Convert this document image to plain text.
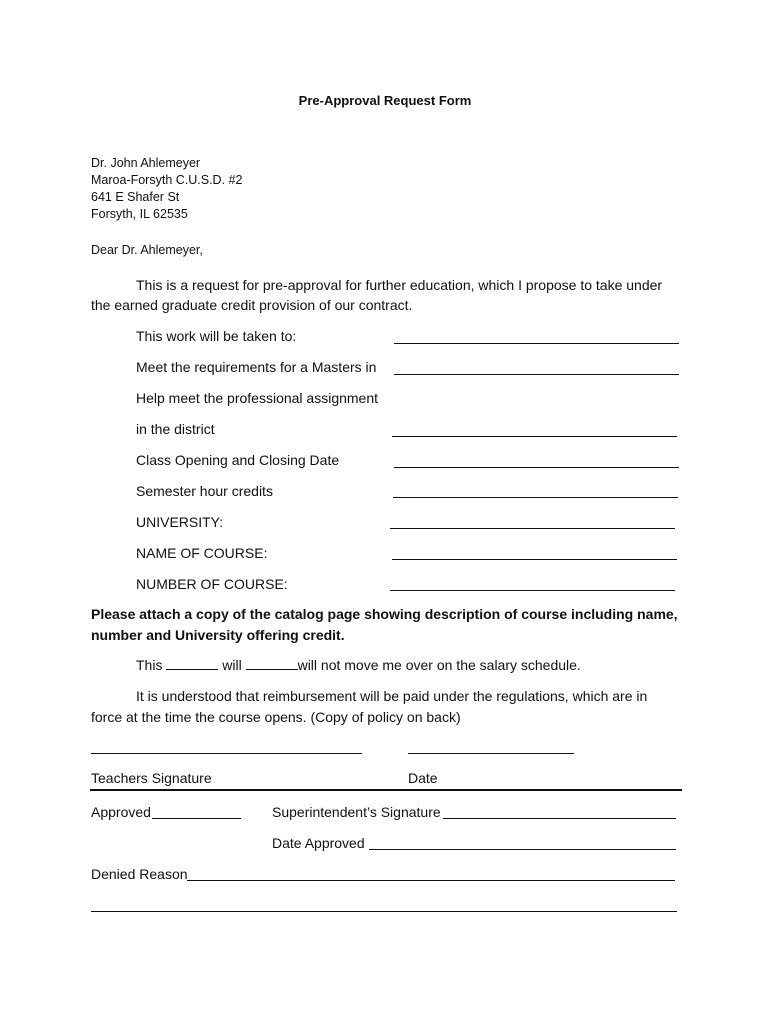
Pre-Approval Request Form
Dr. John Ahlemeyer
Maroa-Forsyth C.U.S.D. #2
641 E Shafer St
Forsyth, IL 62535
Dear Dr. Ahlemeyer,
This is a request for pre-approval for further education, which I propose to take under
the earned graduate credit provision of our contract.
This work will be taken to:
Meet the requirements for a Masters in
Help meet the professional assignment
in the district
Class Opening and Closing Date
Semester hour credits
UNIVERSITY:
NAME OF COURSE:
NUMBER OF COURSE:
Please attach a copy of the catalog page showing description of course including name,
number and University offering credit.
This	will	will not move me over on the salary schedule.
It is understood that reimbursement will be paid under the regulations, which are in
force at the time the course opens. (Copy of policy on back)
Teachers Signature	Date
Approved	Superintendent’s Signature
Date Approved
Denied Reason
